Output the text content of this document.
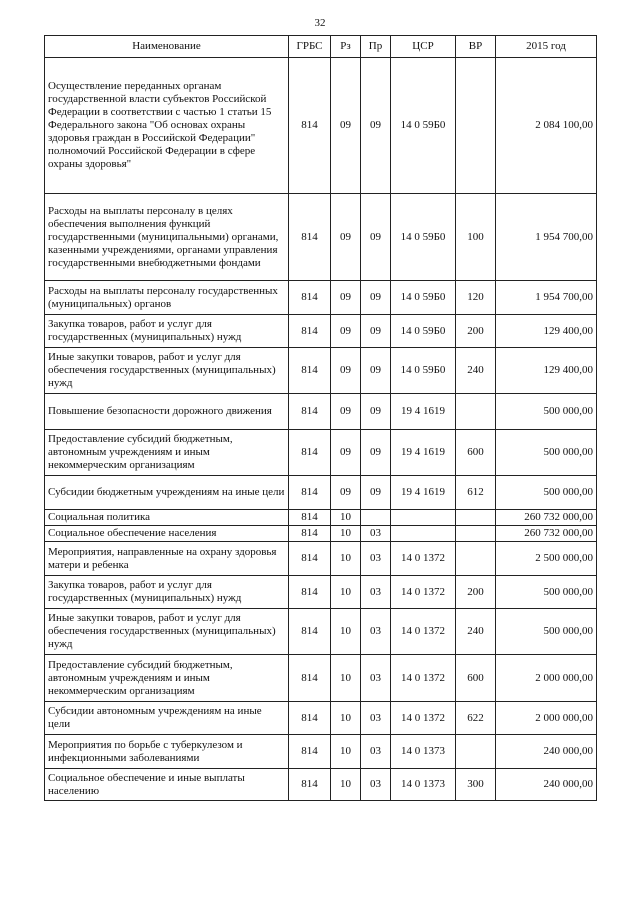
32
Наименование	ГРБС	Рз	Пр	ЦСР	ВР	2015 год
Осуществление переданных органам государственной власти субъектов Российской Федерации в соответствии с частью 1 статьи 15 Федерального закона "Об основах охраны здоровья граждан в Российской Федерации" полномочий Российской Федерации в сфере охраны здоровья"	814	09	09	14 0 59Б0		2 084 100,00
Расходы на выплаты персоналу в целях обеспечения выполнения функций государственными (муниципальными) органами, казенными учреждениями, органами управления государственными внебюджетными фондами	814	09	09	14 0 59Б0	100	1 954 700,00
Расходы на выплаты персоналу государственных (муниципальных) органов	814	09	09	14 0 59Б0	120	1 954 700,00
Закупка товаров, работ и услуг для государственных (муниципальных) нужд	814	09	09	14 0 59Б0	200	129 400,00
Иные закупки товаров, работ и услуг для обеспечения государственных (муниципальных) нужд	814	09	09	14 0 59Б0	240	129 400,00
Повышение безопасности дорожного движения	814	09	09	19 4 1619		500 000,00
Предоставление субсидий бюджетным, автономным учреждениям и иным некоммерческим организациям	814	09	09	19 4 1619	600	500 000,00
Субсидии бюджетным учреждениям на иные цели	814	09	09	19 4 1619	612	500 000,00
Социальная политика	814	10				260 732 000,00
Социальное обеспечение населения	814	10	03			260 732 000,00
Мероприятия, направленные на охрану здоровья матери и ребенка	814	10	03	14 0 1372		2 500 000,00
Закупка товаров, работ и услуг для государственных (муниципальных) нужд	814	10	03	14 0 1372	200	500 000,00
Иные закупки товаров, работ и услуг для обеспечения государственных (муниципальных) нужд	814	10	03	14 0 1372	240	500 000,00
Предоставление субсидий бюджетным, автономным учреждениям и иным некоммерческим организациям	814	10	03	14 0 1372	600	2 000 000,00
Субсидии автономным учреждениям на иные цели	814	10	03	14 0 1372	622	2 000 000,00
Мероприятия по борьбе с туберкулезом и инфекционными заболеваниями	814	10	03	14 0 1373		240 000,00
Социальное обеспечение и иные выплаты населению	814	10	03	14 0 1373	300	240 000,00
